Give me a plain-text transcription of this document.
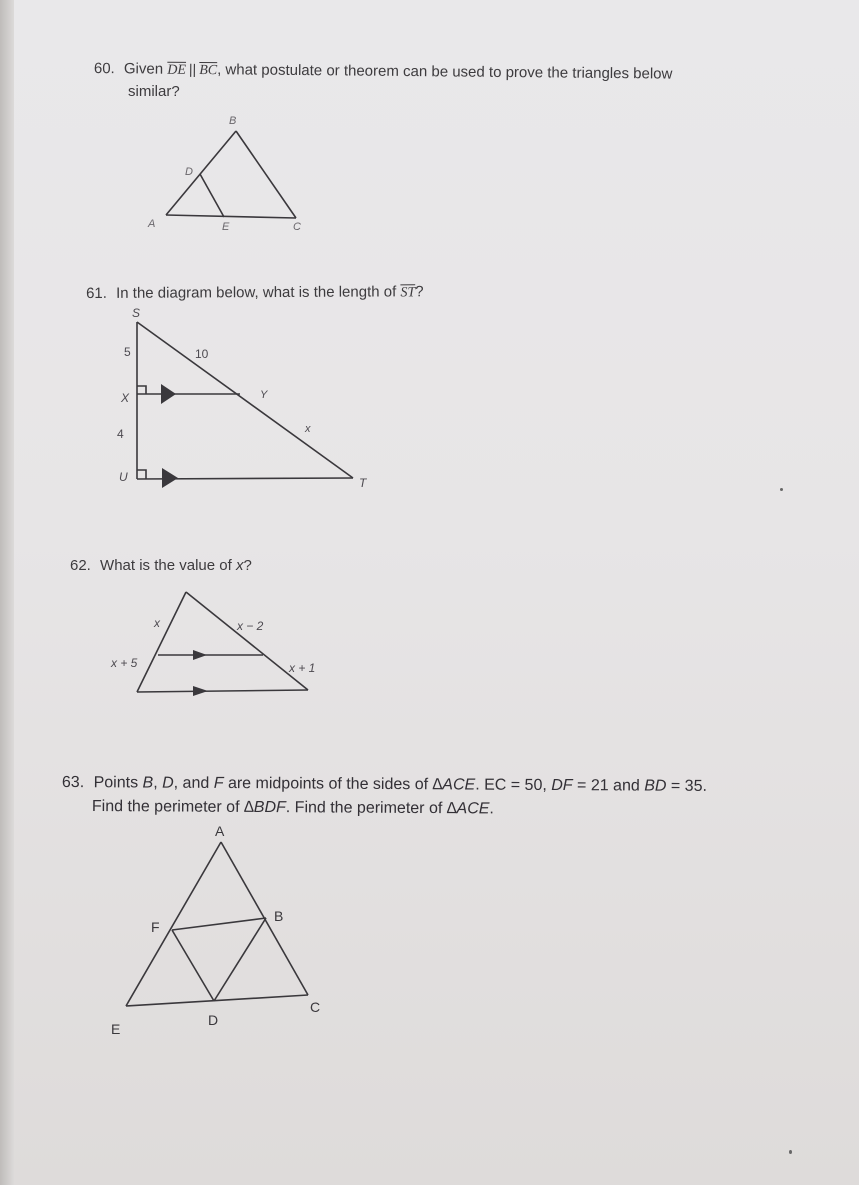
60. Given $\overline{DE}$ || $\overline{BC}$, what postulate or theorem can be used to prove the triangles below
similar?
A
B
C
D
E
61. In the diagram below, what is the length of $\overline{ST}$?
S
X
U	T
Y
5
4
10
x
62. What is the value of x?
x	x − 2
x + 5	x + 1
63. Points B, D, and F are midpoints of the sides of ∆ACE. EC = 50, DF = 21 and BD = 35.
Find the perimeter of ∆BDF. Find the perimeter of ∆ACE.
A
B
C
D
E
F
